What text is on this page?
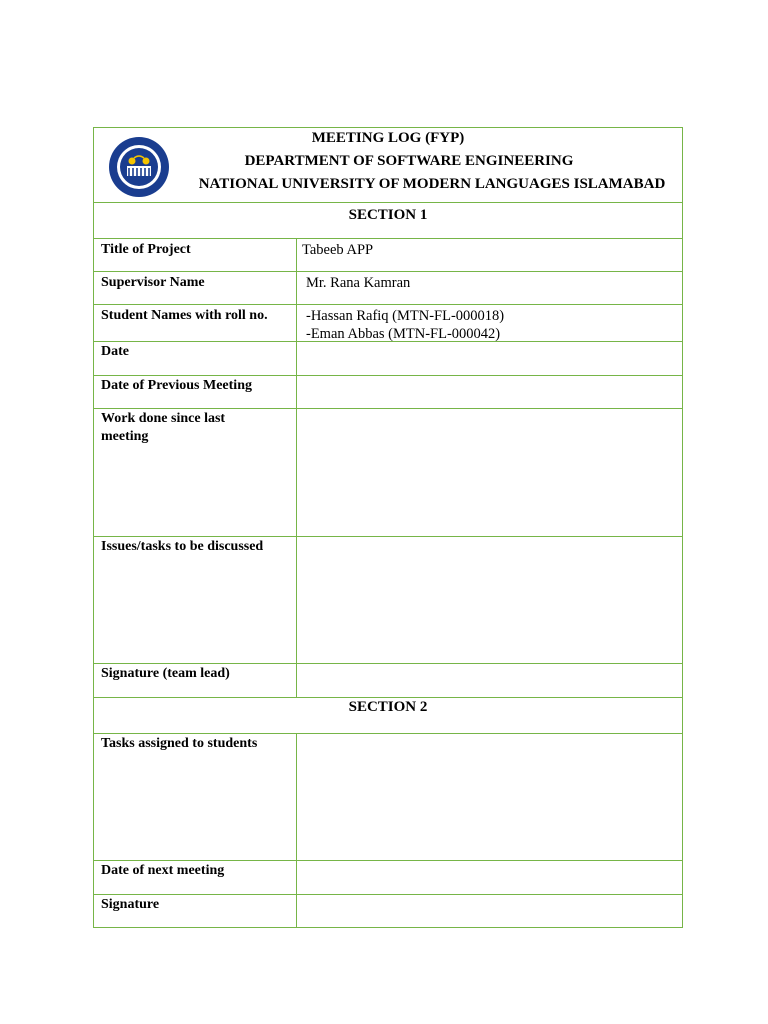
MEETING LOG (FYP)
DEPARTMENT OF SOFTWARE ENGINEERING
NATIONAL UNIVERSITY OF MODERN LANGUAGES ISLAMABAD
SECTION 1
Title of Project	Tabeeb APP
Supervisor Name	Mr. Rana Kamran
Student Names with roll no.	-Hassan Rafiq (MTN-FL-000018)
-Eman Abbas (MTN-FL-000042)
Date
Date of Previous Meeting
Work done since last meeting
Issues/tasks to be discussed
Signature (team lead)
SECTION 2
Tasks assigned to students
Date of next meeting
Signature
